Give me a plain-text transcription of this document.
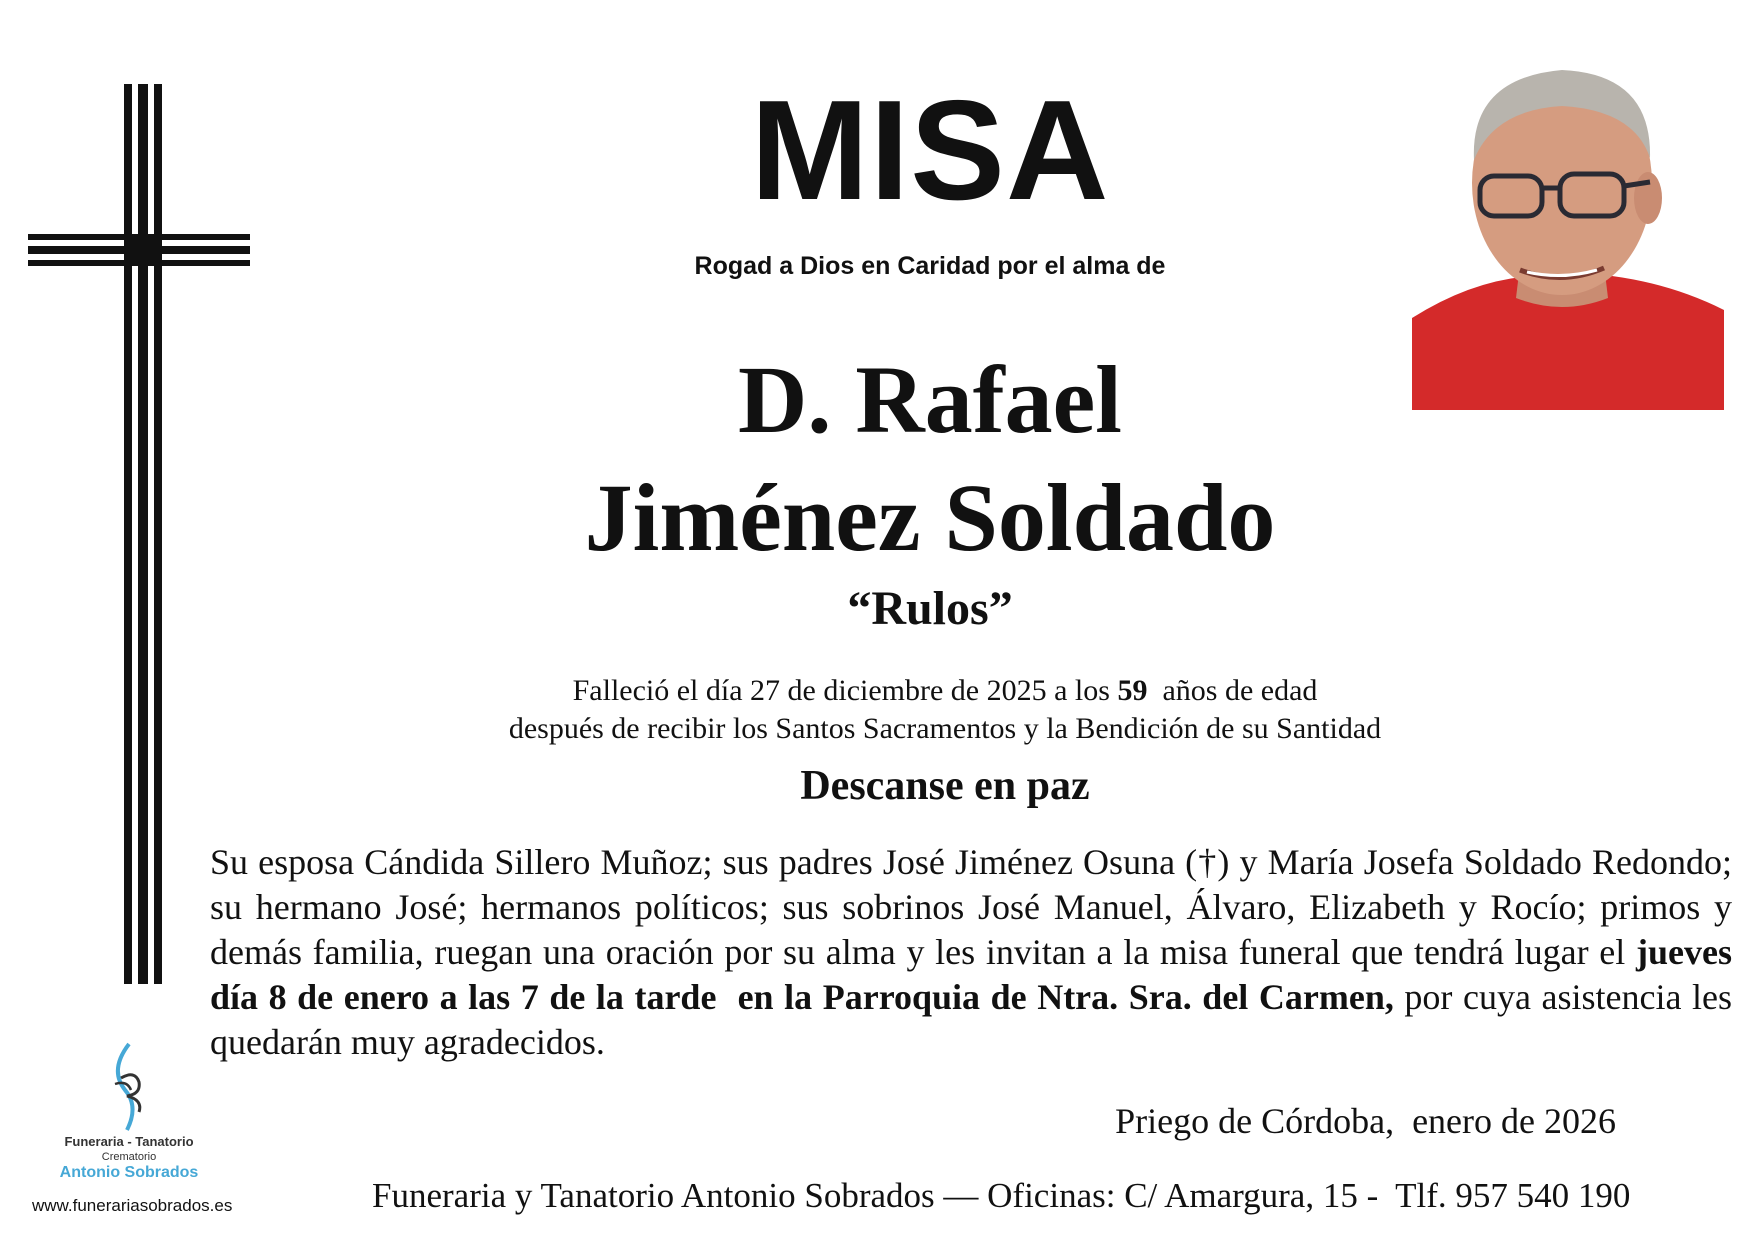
MISA
Rogad a Dios en Caridad por el alma de
D. Rafael
Jiménez Soldado
“Rulos”
Falleció el día 27 de diciembre de 2025 a los 59  años de edad
después de recibir los Santos Sacramentos y la Bendición de su Santidad
Descanse en paz
Su esposa Cándida Sillero Muñoz; sus padres José Jiménez Osuna (†) y María Josefa Soldado Redondo; su hermano José; hermanos políticos; sus sobrinos José Manuel, Álvaro, Elizabeth y Rocío; primos y demás familia, ruegan una oración por su alma y les invitan a la misa funeral que tendrá lugar el jueves día 8 de enero a las 7 de la tarde en la Parroquia de Ntra. Sra. del Carmen, por cuya asistencia les quedarán muy agradecidos.
Priego de Córdoba,  enero de 2026
Funeraria y Tanatorio Antonio Sobrados — Oficinas: C/ Amargura, 15 -  Tlf. 957 540 190
Funeraria - Tanatorio
Crematorio
Antonio Sobrados
www.funerariasobrados.es
